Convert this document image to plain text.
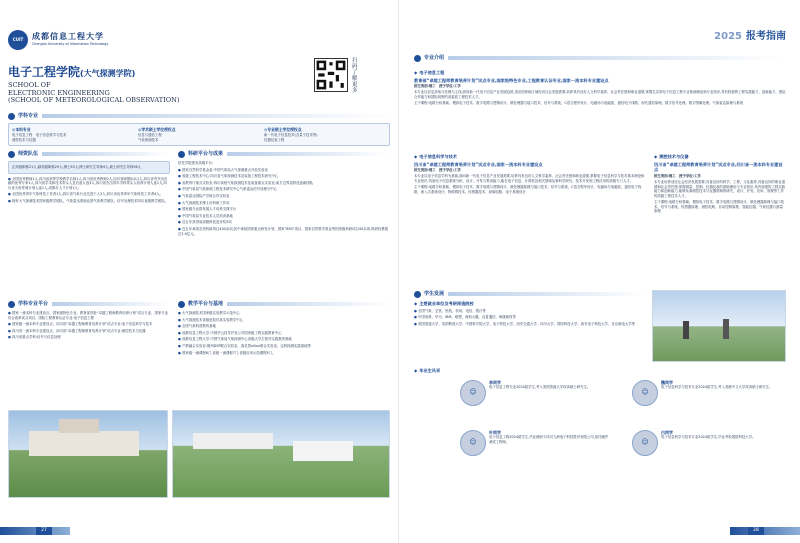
CUIT	成都信息工程大学
Chengdu University of Information Technology
电子工程学院(大气探测学院)
SCHOOL OF
ELECTRONIC ENGINEERING
(SCHOOL OF METEOROLOGICAL OBSERVATION)
扫码了解更多
学科专业
◎本科专业
电子信息工程　电子信息科学与技术
测控技术与仪器
◎学术硕士学位授权点
信息与通信工程
气象探测技术
◎专业硕士学位授权点
新一代电子信息技术(含量子技术等)
仪器仪表工程
师资队伍
正高级职称21人;副高级职称29人;博士53人;博士研究生导师4人,硕士研究生导师56人
● 全国优秀教师1人,四川省高等学校教学名师1人,四川省优秀教师2人,四川省师德标兵1人,四川省有突出贡献的优秀专家1人,四川省学术和技术带头人及后备人选3人,四川省杰出青年学科带头人培养计划人选1人,四川省天府青城计划人选1人,成都市人才计划1人;
● 全国优秀青年气象科技工作者1人,四川省气象行业先进个人3人,四川省优秀青年气象科技工作者4人。
● 拥有大气探测技术国家级教学团队、气象雷达系统业国气象教学团队、信号处理技术四川省级教学团队。
科研平台与成果
依托学院建有高端平台:
● 国家自然科学基金委:中国气象局大气探测重点开放实验室
● 省级工程技术中心:四川省气象探测技术及装备工程技术研究中心
● 省教育厅重点实验室:四川高校气象探测技术及装备重点实验室;南方边界层科技创新团队
● 中国气象局气象探测工程技术研究中心气象雷达信号处理分中心
● 气象雷达国际产学研合作实验室
● 大气探测技术博士后科研工作站
● 国家级专业群发展人才培养支撑平台
● 中国气象局专业技术人员培训基地
● 近五年获得省部级科技进步奖5项
● 近五年承担各类科研项目430余项,其中承担国家重点研发计划、国家“863”项目、国家自然科学基金等国家级科研项目40余项,科研经费超过1.4亿元。
学科专业平台
● 国家一流本科专业建设点、国家级特色专业、教育部首批“卓越工程师教育培养计划”试点专业、国家专业综合改革试点项目、国际工程教育认证专业:电子信息工程
● 国家级一流本科专业建设点、四川省“卓越工程师教育培养计划”试点专业:电子信息科学与技术
● 四川省一流本科专业建设点、四川省“卓越工程师教育培养计划”试点专业:测控技术与仪器
● 四川省重点学科:信号与信息处理
教学平台与基地
● 大气探测技术国家级实验教学示范中心
● 大气探测技术省级虚拟仿真实验教学中心
● 全国气象科普教育基地
● 成都信息工程大学-中国华云技术开发公司国家级工程实践教育中心
● 成都信息工程大学-中国气象局气象探测中心省级大学生校外实践教育基地
● 产教融合实验室:德州DSP联合实验室、赛灵思xilinx联合实验室、定科探测实践基地等
● 国家级一流课程6门,省级一流课程7门,省级应用示范课程5门。
27
2025 报考指南
专业介绍
◆ 电子信息工程
教育部“卓越工程师教育培养计划”试点专业,国家级特色专业,工程教育认证专业,国家一流本科专业建设点
招生类别:理工　授予学位:工学
本专业以信息获取与处理为主线,面向新一代电子信息产业发展趋势,适应国家和区域经济社会发展需要,培养具有良好人文科学素养、社会责任感和职业道德,掌握扎实的电子信息工程专业基础理论和专业知识,具有较强的工程实践能力、创新能力、团队合作能力和国际视野的高素质工程技术人才。
主干课程:电路分析基础、模拟电子技术、数字电路与逻辑设计、微处理器与接口技术、信号与系统、C语言程序设计、电磁场与电磁波、通信电子线路、现代通信原理、数字信号处理、数字图像处理、气象雷达原理与系统
◆ 电子信息科学与技术
四川省“卓越工程师教育培养计划”试点专业,国家一流本科专业建设点
招生类别:理工　授予学位:工学
本专业以电子信息学科为基础,面向新一代电子信息产业发展需要,培养具有良好人文科学素养、社会责任感和职业道德,掌握电子信息科学与技术基本理论和专业知识,具备电子信息系统分析、设计、开发与集成能力,能在电子信息、计算机及相关领域从事科学研究、技术开发和工程应用的高级专门人才。
主干课程:电路分析基础、模拟电子技术、数字电路与逻辑设计、微处理器原理与接口技术、信号与系统、C语言程序设计、电磁场与电磁波、通信电子线路、嵌入式系统设计、物联网技术、传感器技术、射频电路、电子系统设计
◆ 测控技术与仪器
四川省“卓越工程师教育培养计划”试点专业,四川省一流本科专业建设点
招生类别:理工　授予学位:工学
本专业培养适应社会经济发展需要,具备良好的科学、工程、文化素养,具备良好的职业道德和社会责任感,掌握测量、控制、仪器仪表的基础理论与专业知识,具有较强的工程实践能力和创新能力,能够从事测控技术与仪器领域的研究、设计、开发、应用、管理等工作的高级工程技术人才。
主干课程:电路分析基础、模拟电子技术、数字电路与逻辑设计、微处理器原理与接口技术、信号与系统、传感器原理、测控电路、自动控制原理、智能仪器、气象仪器与测量原理
学生发展
◆ 主要就业单位及考研深造院校
● 全国气象、空管、民航、机场、电信、银行等
● 中国电科、华为、IBM、联想、深圳大疆、迈普通信、海康威视等
● 美国普渡大学、英国利兹大学、中国科学院大学、电子科技大学、西安交通大学、四川大学、国防科技大学、西安电子科技大学、北京邮电大学等
◆ 毕业生风采
☺
李同学
电子信息工程专业2024届学生,考入美国普渡大学攻读硕士研究生。
☺
魏同学
电子信息科学与技术专业2024届学生,考入香港中文大学攻读硕士研究生。
☺
叶同学
电子信息工程2024届学生,毕业就职于四川九洲电子科技股份有限公司,担任硬件测试工程师。	☺
白同学
电子信息科学与技术专业2024届学生,毕业考取国防科技大学。
28
